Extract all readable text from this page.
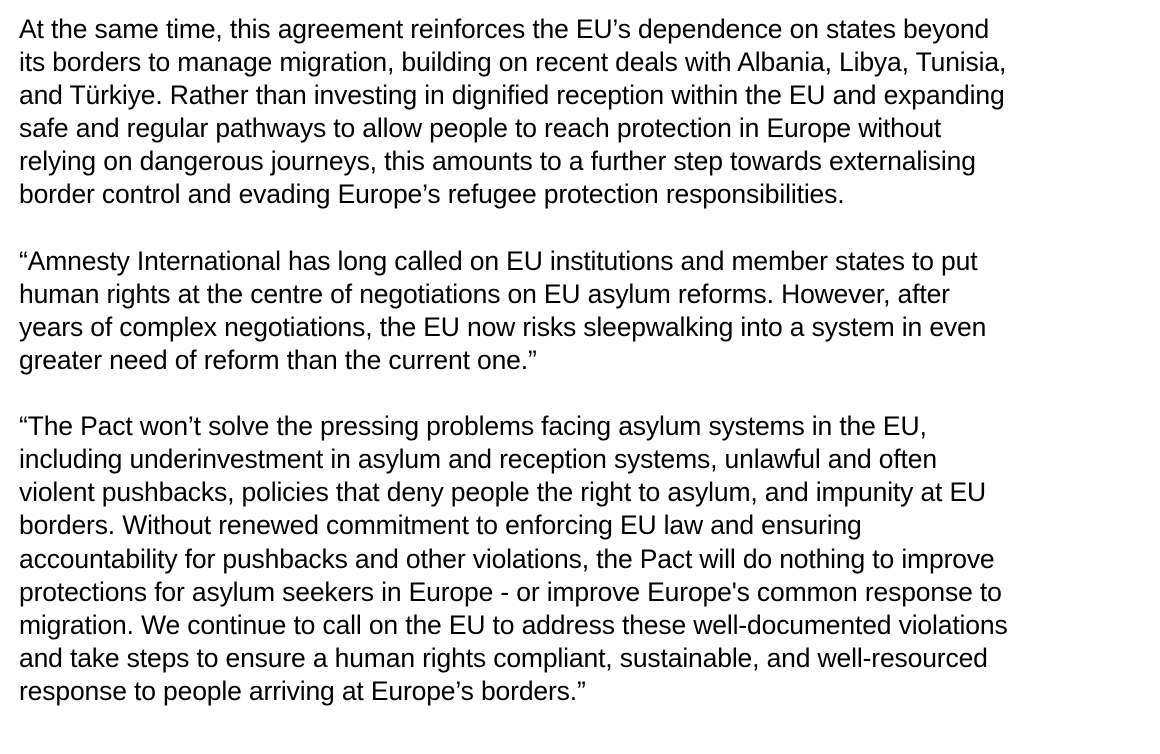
At the same time, this agreement reinforces the EU’s dependence on states beyond
its borders to manage migration, building on recent deals with Albania, Libya, Tunisia,
and Türkiye. Rather than investing in dignified reception within the EU and expanding
safe and regular pathways to allow people to reach protection in Europe without
relying on dangerous journeys, this amounts to a further step towards externalising
border control and evading Europe’s refugee protection responsibilities.

“Amnesty International has long called on EU institutions and member states to put
human rights at the centre of negotiations on EU asylum reforms. However, after
years of complex negotiations, the EU now risks sleepwalking into a system in even
greater need of reform than the current one.”

“The Pact won’t solve the pressing problems facing asylum systems in the EU,
including underinvestment in asylum and reception systems, unlawful and often
violent pushbacks, policies that deny people the right to asylum, and impunity at EU
borders. Without renewed commitment to enforcing EU law and ensuring
accountability for pushbacks and other violations, the Pact will do nothing to improve
protections for asylum seekers in Europe - or improve Europe's common response to
migration. We continue to call on the EU to address these well-documented violations
and take steps to ensure a human rights compliant, sustainable, and well-resourced
response to people arriving at Europe’s borders.”
